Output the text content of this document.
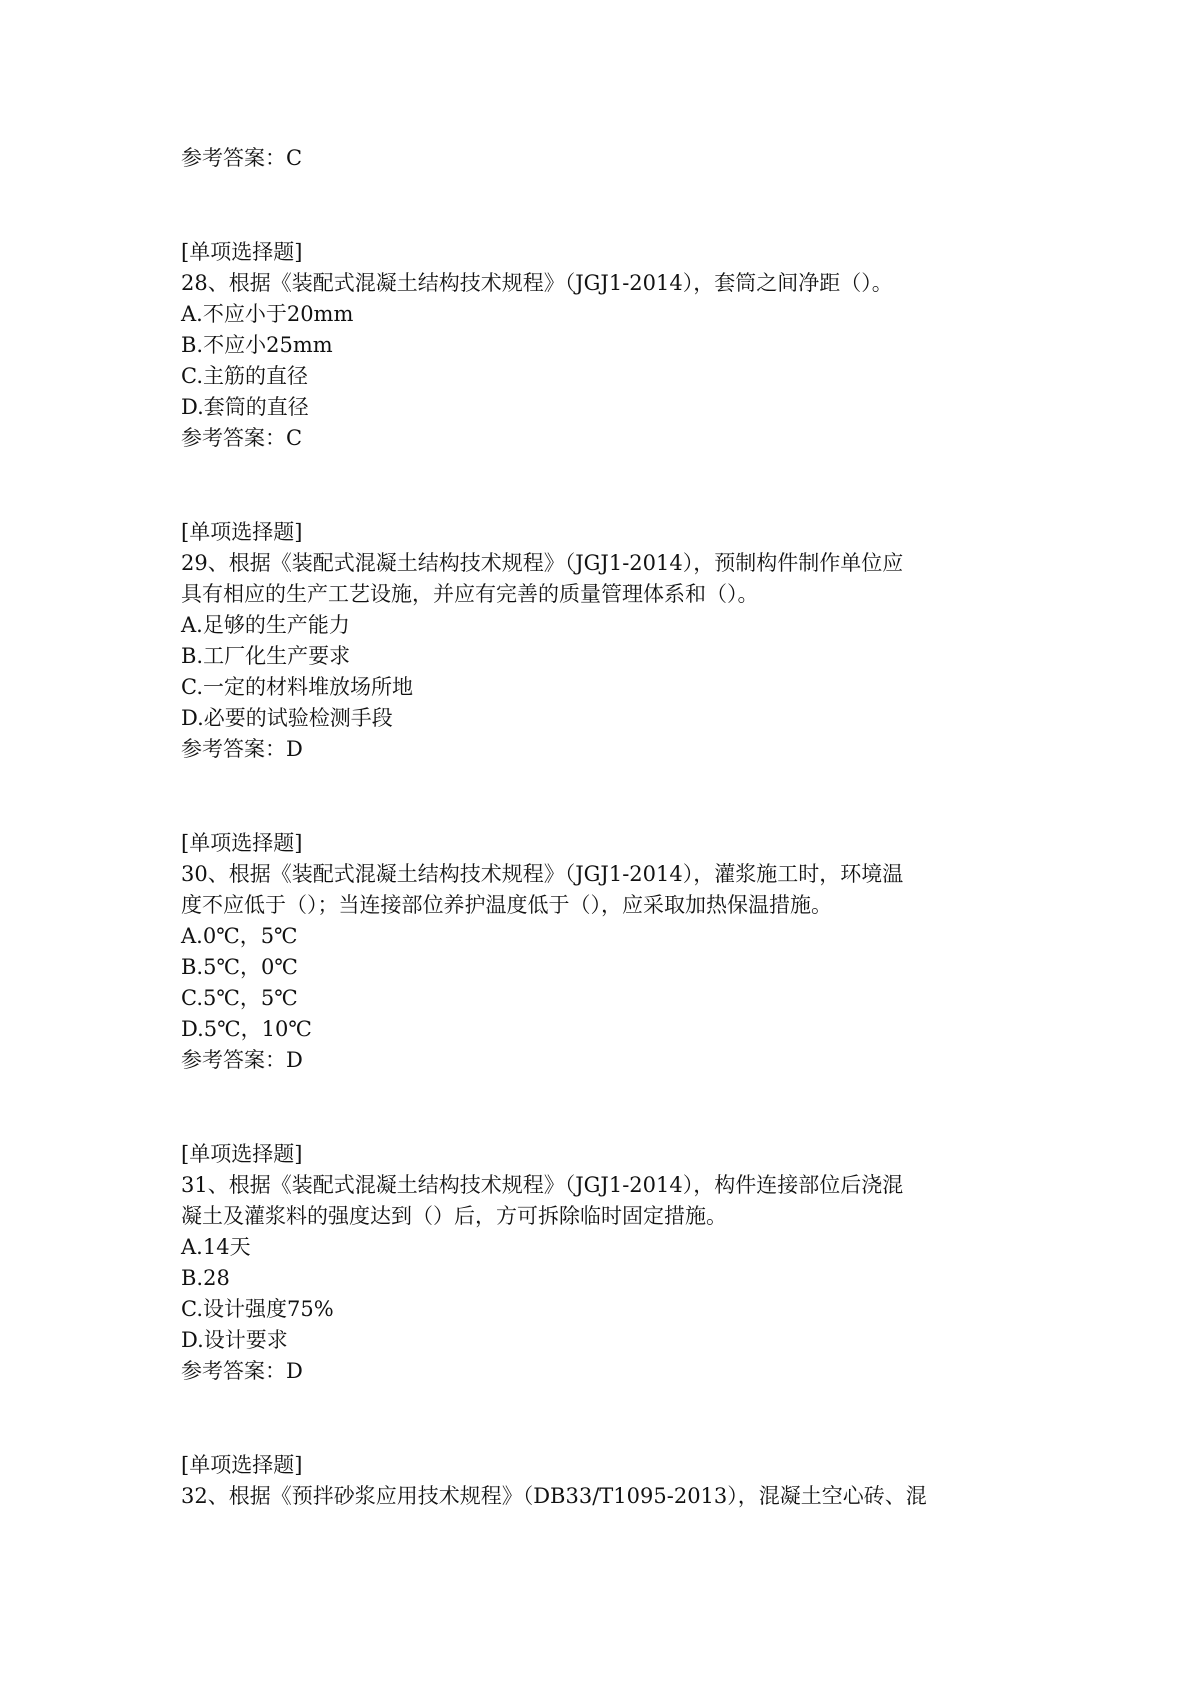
参考答案：C
[单项选择题]
28、根据《装配式混凝土结构技术规程》（JGJ1-2014），套筒之间净距（）。
A.不应小于20mm
B.不应小25mm
C.主筋的直径
D.套筒的直径
参考答案：C
[单项选择题]
29、根据《装配式混凝土结构技术规程》（JGJ1-2014），预制构件制作单位应
具有相应的生产工艺设施，并应有完善的质量管理体系和（）。
A.足够的生产能力
B.工厂化生产要求
C.一定的材料堆放场所地
D.必要的试验检测手段
参考答案：D
[单项选择题]
30、根据《装配式混凝土结构技术规程》（JGJ1-2014），灌浆施工时，环境温
度不应低于（）；当连接部位养护温度低于（），应采取加热保温措施。
A.0℃，5℃
B.5℃，0℃
C.5℃，5℃
D.5℃，10℃
参考答案：D
[单项选择题]
31、根据《装配式混凝土结构技术规程》（JGJ1-2014），构件连接部位后浇混
凝土及灌浆料的强度达到（）后，方可拆除临时固定措施。
A.14天
B.28
C.设计强度75%
D.设计要求
参考答案：D
[单项选择题]
32、根据《预拌砂浆应用技术规程》（DB33/T1095-2013），混凝土空心砖、混
